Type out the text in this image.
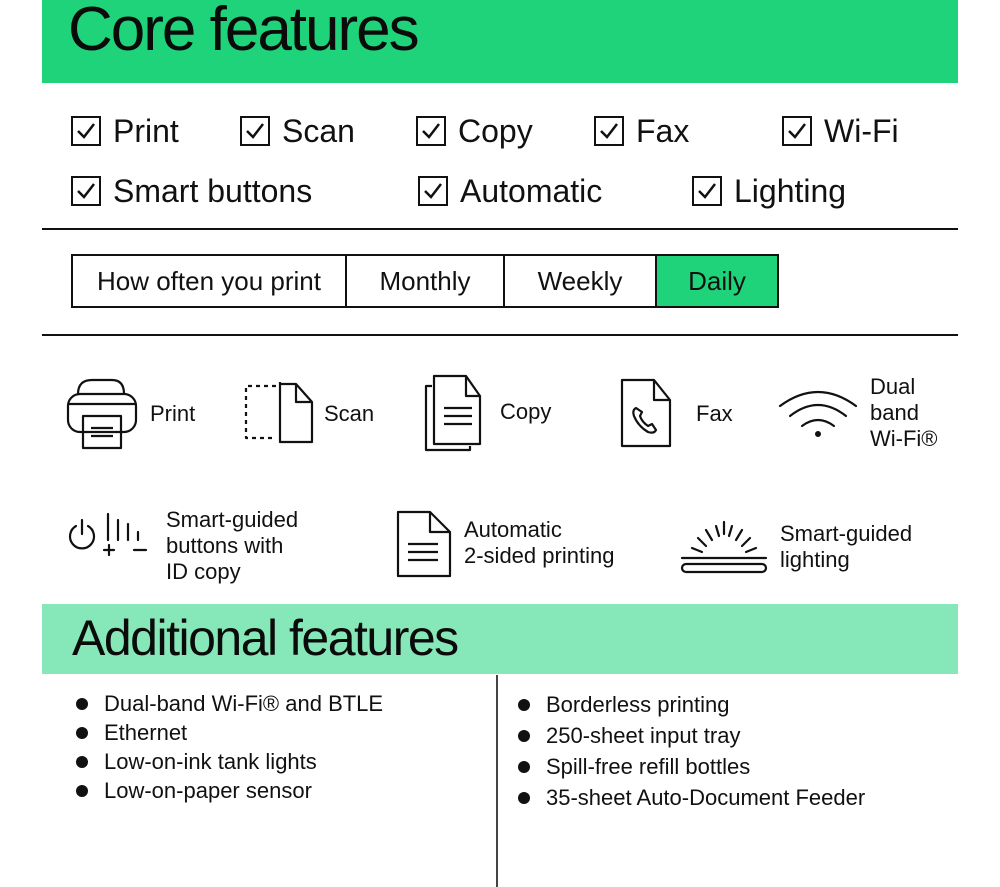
Core features
Print	Scan	Copy	Fax	Wi-Fi
Smart buttons	Automatic	Lighting
How often you print	Monthly	Weekly	Daily
Print	Scan	Copy	Fax
Dual
band
Wi-Fi®
Smart-guided
buttons with
ID copy
Automatic
2-sided printing
Smart-guided
lighting
Additional features
Dual-band Wi-Fi® and BTLE
Ethernet
Low-on-ink tank lights
Low-on-paper sensor
Borderless printing
250-sheet input tray
Spill-free refill bottles
35-sheet Auto-Document Feeder
